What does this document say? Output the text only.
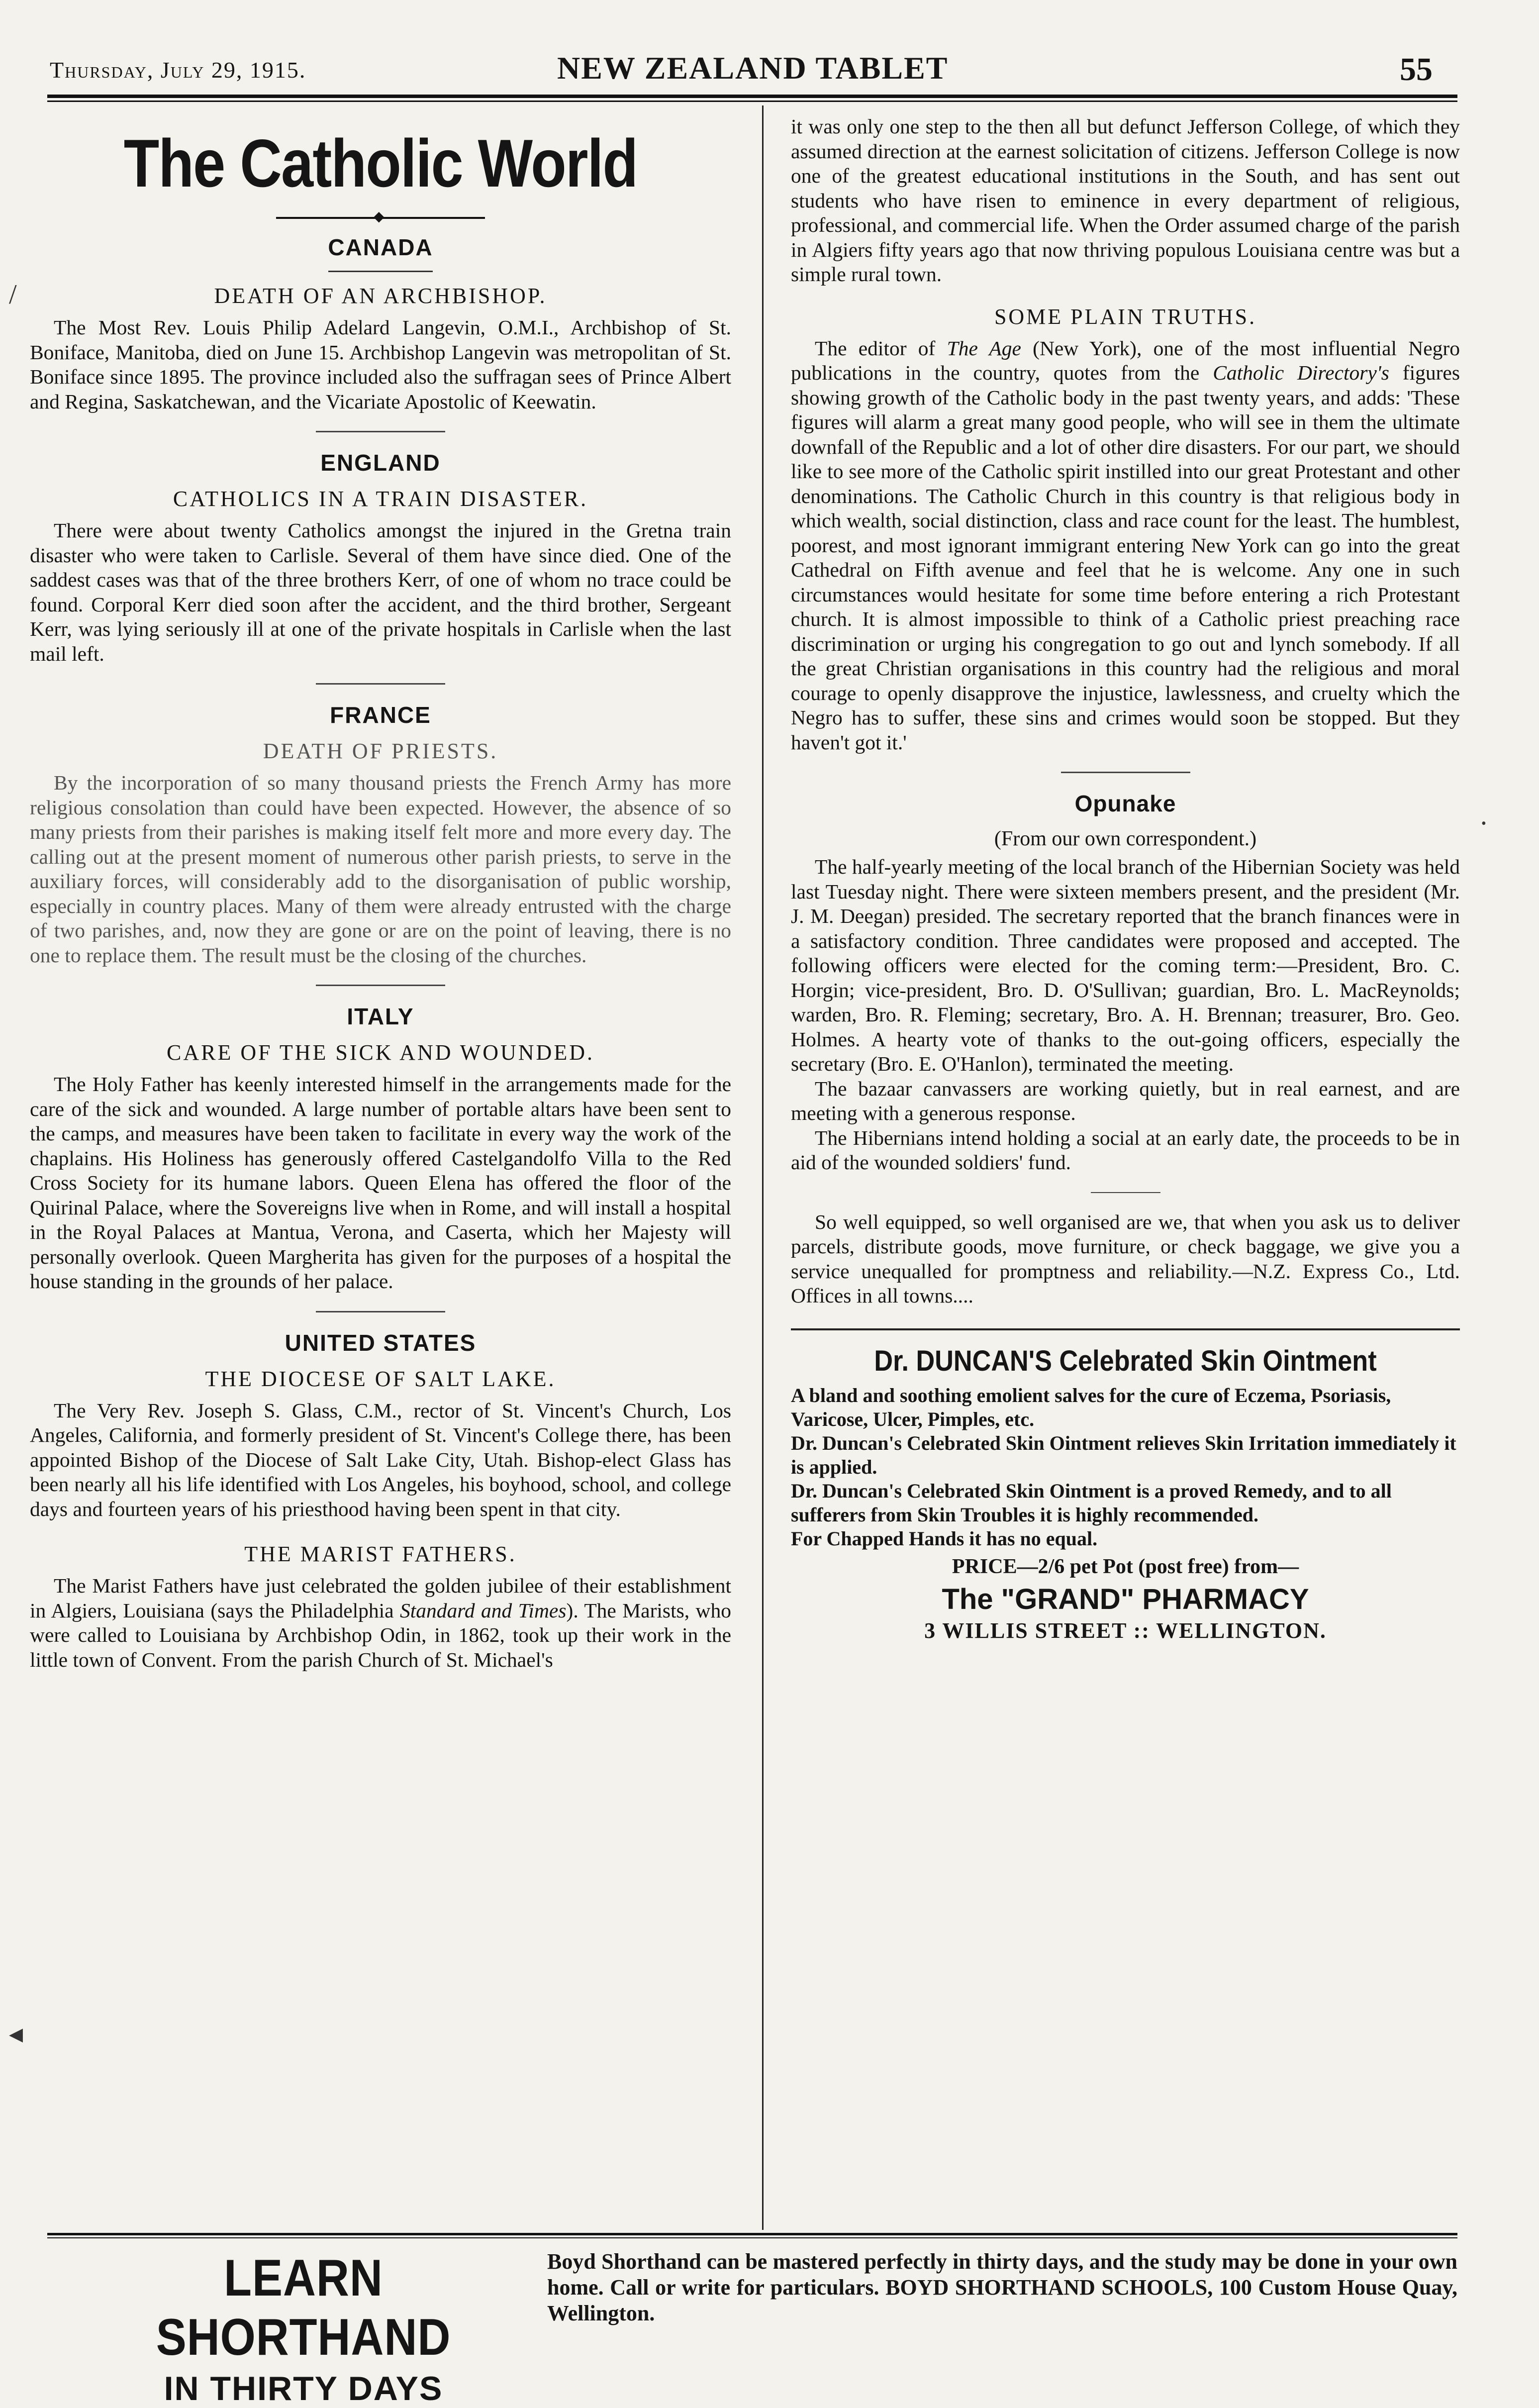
Thursday, July 29, 1915.	NEW ZEALAND TABLET	55
/
◂
•
The Catholic World
◆
CANADA
DEATH OF AN ARCHBISHOP.

The Most Rev. Louis Philip Adelard Langevin, O.M.I., Archbishop of St. Boniface, Manitoba, died on June 15. Archbishop Langevin was metropolitan of St. Boniface since 1895. The province included also the suffragan sees of Prince Albert and Regina, Saskatchewan, and the Vicariate Apostolic of Keewatin.

ENGLAND
CATHOLICS IN A TRAIN DISASTER.

There were about twenty Catholics amongst the injured in the Gretna train disaster who were taken to Carlisle. Several of them have since died. One of the saddest cases was that of the three brothers Kerr, of one of whom no trace could be found. Corporal Kerr died soon after the accident, and the third brother, Sergeant Kerr, was lying seriously ill at one of the private hospitals in Carlisle when the last mail left.

FRANCE
DEATH OF PRIESTS.

By the incorporation of so many thousand priests the French Army has more religious consolation than could have been expected. However, the absence of so many priests from their parishes is making itself felt more and more every day. The calling out at the present moment of numerous other parish priests, to serve in the auxiliary forces, will considerably add to the disorganisation of public worship, especially in country places. Many of them were already entrusted with the charge of two parishes, and, now they are gone or are on the point of leaving, there is no one to replace them. The result must be the closing of the churches.

ITALY
CARE OF THE SICK AND WOUNDED.

The Holy Father has keenly interested himself in the arrangements made for the care of the sick and wounded. A large number of portable altars have been sent to the camps, and measures have been taken to facilitate in every way the work of the chaplains. His Holiness has generously offered Castelgandolfo Villa to the Red Cross Society for its humane labors. Queen Elena has offered the floor of the Quirinal Palace, where the Sovereigns live when in Rome, and will install a hospital in the Royal Palaces at Mantua, Verona, and Caserta, which her Majesty will personally overlook. Queen Margherita has given for the purposes of a hospital the house standing in the grounds of her palace.

UNITED STATES
THE DIOCESE OF SALT LAKE.

The Very Rev. Joseph S. Glass, C.M., rector of St. Vincent's Church, Los Angeles, California, and formerly president of St. Vincent's College there, has been appointed Bishop of the Diocese of Salt Lake City, Utah. Bishop-elect Glass has been nearly all his life identified with Los Angeles, his boyhood, school, and college days and fourteen years of his priesthood having been spent in that city.

THE MARIST FATHERS.

The Marist Fathers have just celebrated the golden jubilee of their establishment in Algiers, Louisiana (says the Philadelphia Standard and Times). The Marists, who were called to Louisiana by Archbishop Odin, in 1862, took up their work in the little town of Convent. From the parish Church of St. Michael's

it was only one step to the then all but defunct Jefferson College, of which they assumed direction at the earnest solicitation of citizens. Jefferson College is now one of the greatest educational institutions in the South, and has sent out students who have risen to eminence in every department of religious, professional, and commercial life. When the Order assumed charge of the parish in Algiers fifty years ago that now thriving populous Louisiana centre was but a simple rural town.

SOME PLAIN TRUTHS.

The editor of The Age (New York), one of the most influential Negro publications in the country, quotes from the Catholic Directory's figures showing growth of the Catholic body in the past twenty years, and adds: 'These figures will alarm a great many good people, who will see in them the ultimate downfall of the Republic and a lot of other dire disasters. For our part, we should like to see more of the Catholic spirit instilled into our great Protestant and other denominations. The Catholic Church in this country is that religious body in which wealth, social distinction, class and race count for the least. The humblest, poorest, and most ignorant immigrant entering New York can go into the great Cathedral on Fifth avenue and feel that he is welcome. Any one in such circumstances would hesitate for some time before entering a rich Protestant church. It is almost impossible to think of a Catholic priest preaching race discrimination or urging his congregation to go out and lynch somebody. If all the great Christian organisations in this country had the religious and moral courage to openly disapprove the injustice, lawlessness, and cruelty which the Negro has to suffer, these sins and crimes would soon be stopped. But they haven't got it.'

Opunake
(From our own correspondent.)

The half-yearly meeting of the local branch of the Hibernian Society was held last Tuesday night. There were sixteen members present, and the president (Mr. J. M. Deegan) presided. The secretary reported that the branch finances were in a satisfactory condition. Three candidates were proposed and accepted. The following officers were elected for the coming term:—President, Bro. C. Horgin; vice-president, Bro. D. O'Sullivan; guardian, Bro. L. MacReynolds; warden, Bro. R. Fleming; secretary, Bro. A. H. Brennan; treasurer, Bro. Geo. Holmes. A hearty vote of thanks to the out-going officers, especially the secretary (Bro. E. O'Hanlon), terminated the meeting.

The bazaar canvassers are working quietly, but in real earnest, and are meeting with a generous response.

The Hibernians intend holding a social at an early date, the proceeds to be in aid of the wounded soldiers' fund.

So well equipped, so well organised are we, that when you ask us to deliver parcels, distribute goods, move furniture, or check baggage, we give you a service unequalled for promptness and reliability.—N.Z. Express Co., Ltd. Offices in all towns....

Dr. DUNCAN'S Celebrated Skin Ointment

A bland and soothing emolient salves for the cure of Eczema, Psoriasis, Varicose, Ulcer, Pimples, etc.

Dr. Duncan's Celebrated Skin Ointment relieves Skin Irritation immediately it is applied.

Dr. Duncan's Celebrated Skin Ointment is a proved Remedy, and to all sufferers from Skin Troubles it is highly recommended.

For Chapped Hands it has no equal.

PRICE—2/6 pet Pot (post free) from—
The "GRAND" PHARMACY
3 WILLIS STREET :: WELLINGTON.
LEARN SHORTHAND
IN THIRTY DAYS
Boyd Shorthand can be mastered perfectly in thirty days, and the study may be done in your own home. Call or write for particulars. BOYD SHORTHAND SCHOOLS, 100 Custom House Quay, Wellington.
